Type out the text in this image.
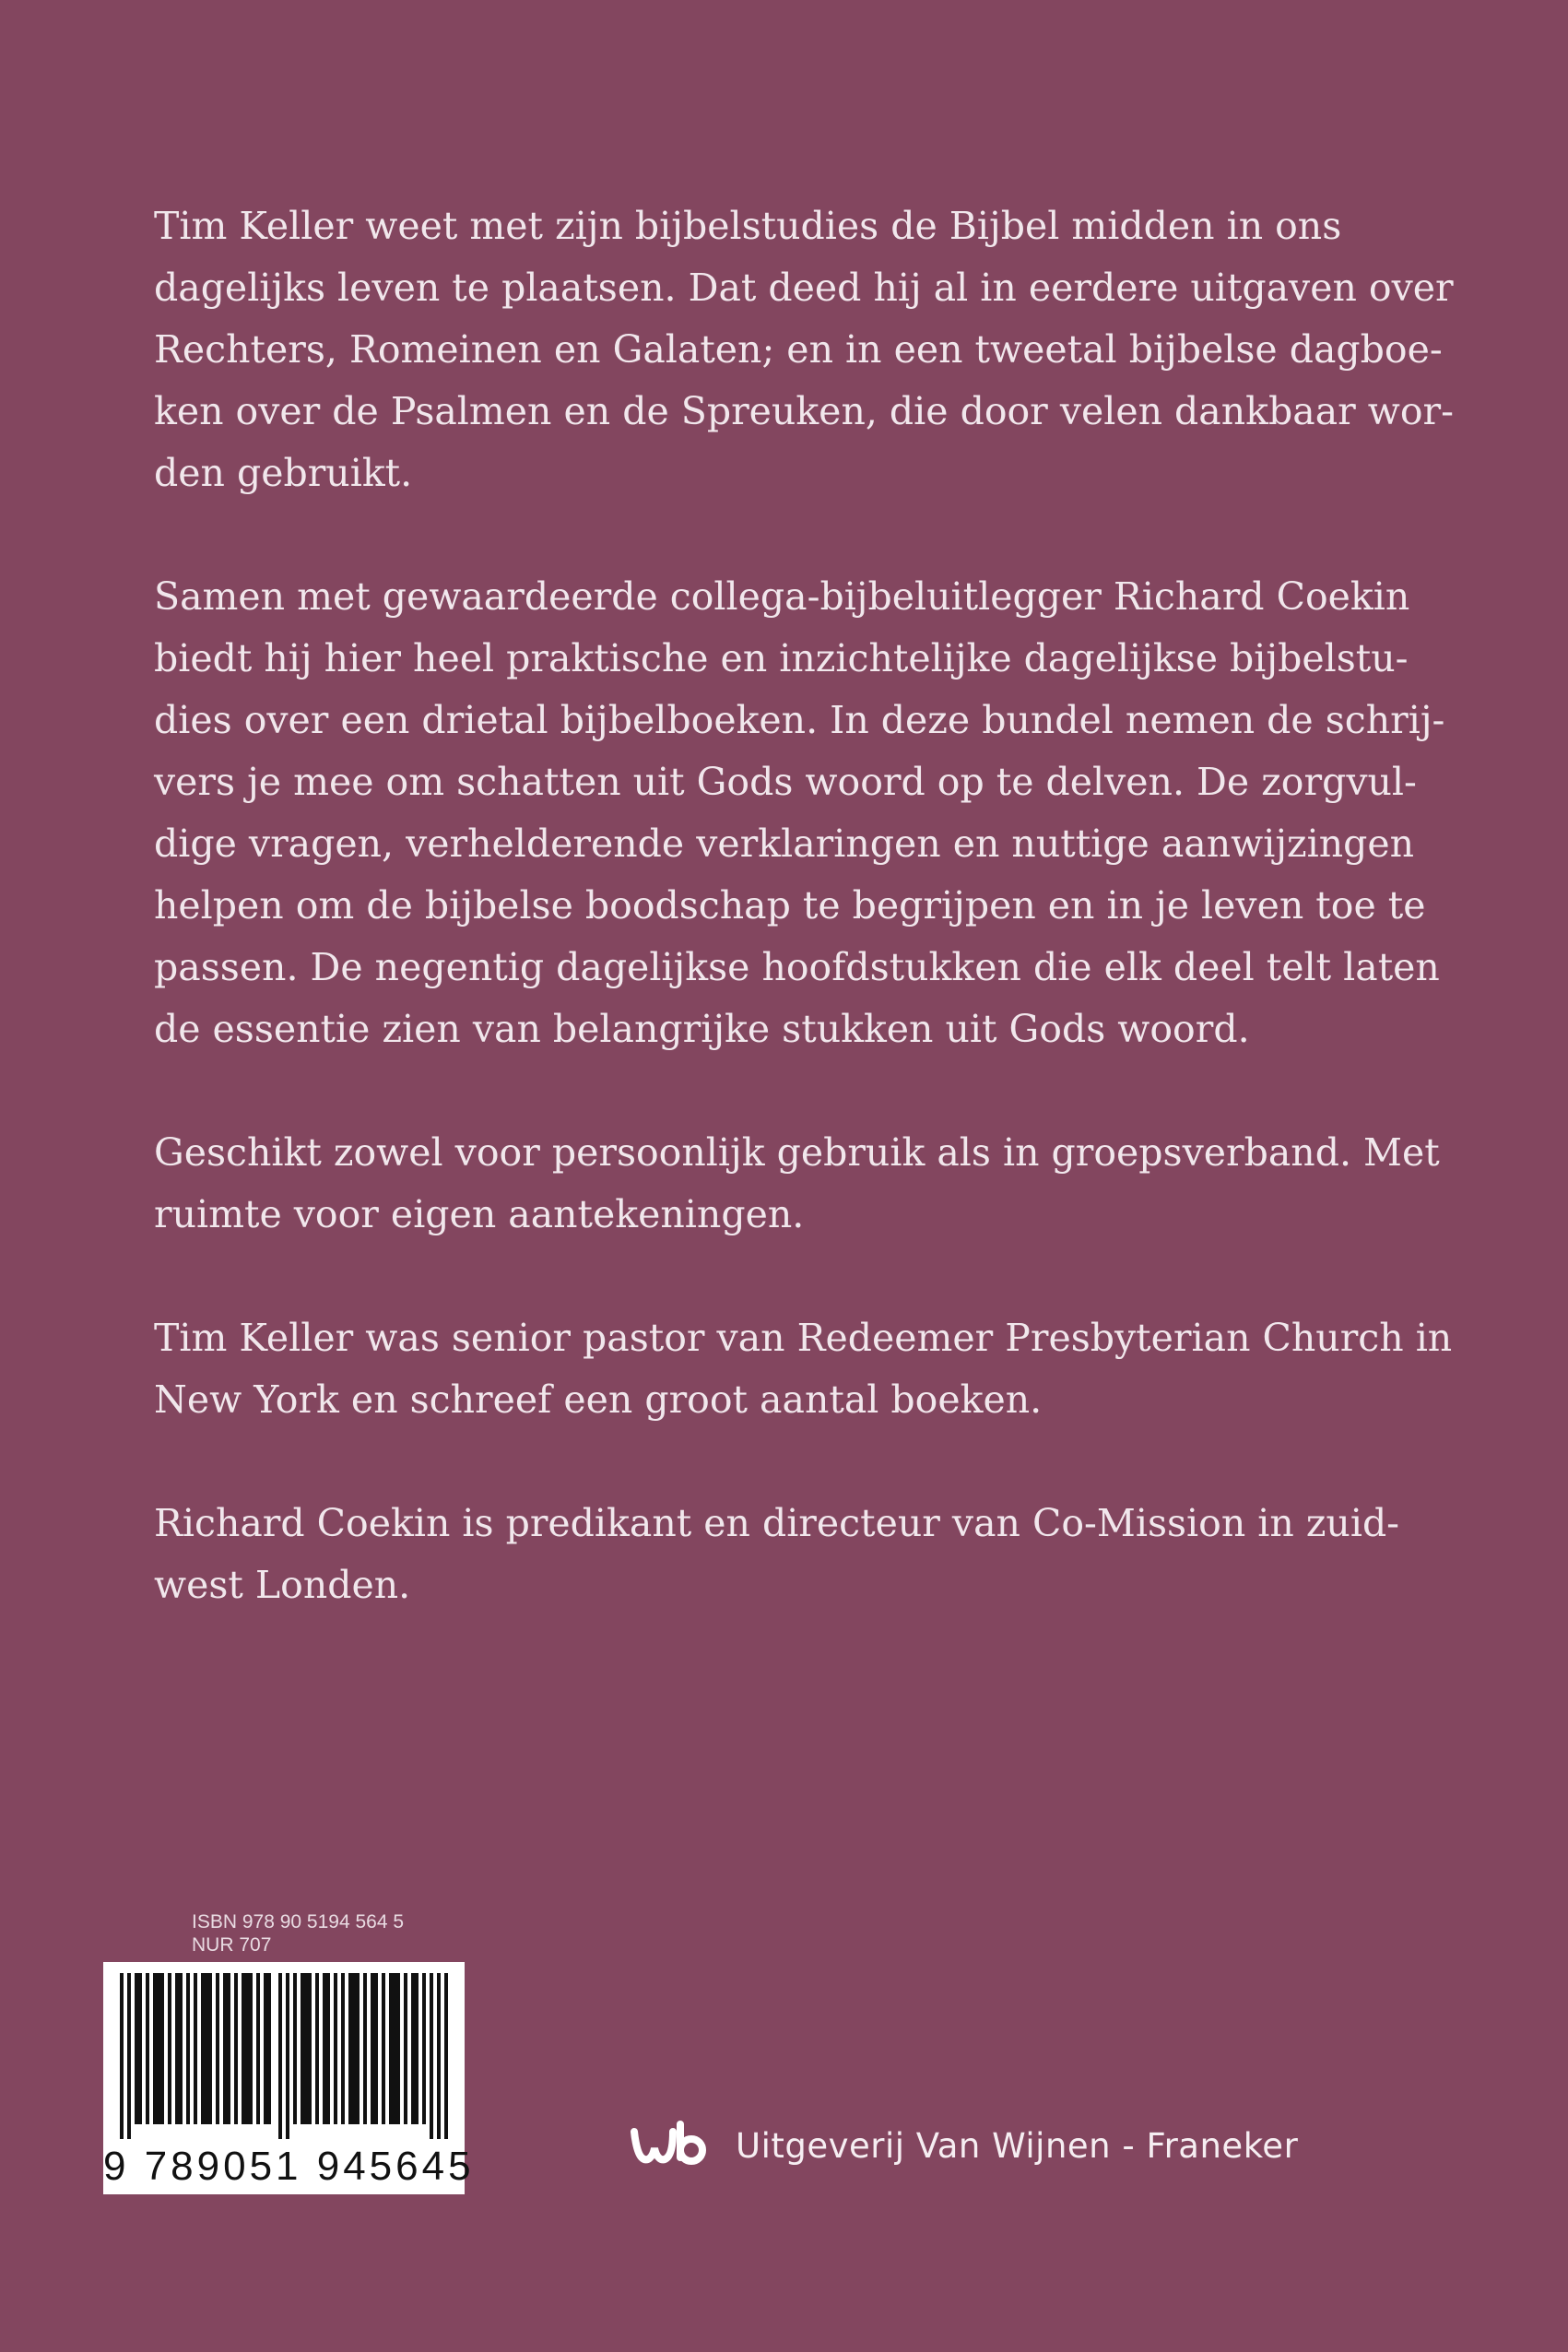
Tim Keller weet met zijn bijbelstudies de Bijbel midden in ons
dagelijks leven te plaatsen. Dat deed hij al in eerdere uitgaven over
Rechters, Romeinen en Galaten; en in een tweetal bijbelse dagboe-
ken over de Psalmen en de Spreuken, die door velen dankbaar wor-
den gebruikt.

Samen met gewaardeerde collega-bijbeluitlegger Richard Coekin
biedt hij hier heel praktische en inzichtelijke dagelijkse bijbelstu-
dies over een drietal bijbelboeken. In deze bundel nemen de schrij-
vers je mee om schatten uit Gods woord op te delven. De zorgvul-
dige vragen, verhelderende verklaringen en nuttige aanwijzingen
helpen om de bijbelse boodschap te begrijpen en in je leven toe te
passen. De negentig dagelijkse hoofdstukken die elk deel telt laten
de essentie zien van belangrijke stukken uit Gods woord.

Geschikt zowel voor persoonlijk gebruik als in groepsverband. Met
ruimte voor eigen aantekeningen.

Tim Keller was senior pastor van Redeemer Presbyterian Church in
New York en schreef een groot aantal boeken.

Richard Coekin is predikant en directeur van Co-Mission in zuid-
west Londen.

ISBN 978 90 5194 564 5
NUR 707
9 789051 945645	Uitgeverij Van Wijnen - Franeker
